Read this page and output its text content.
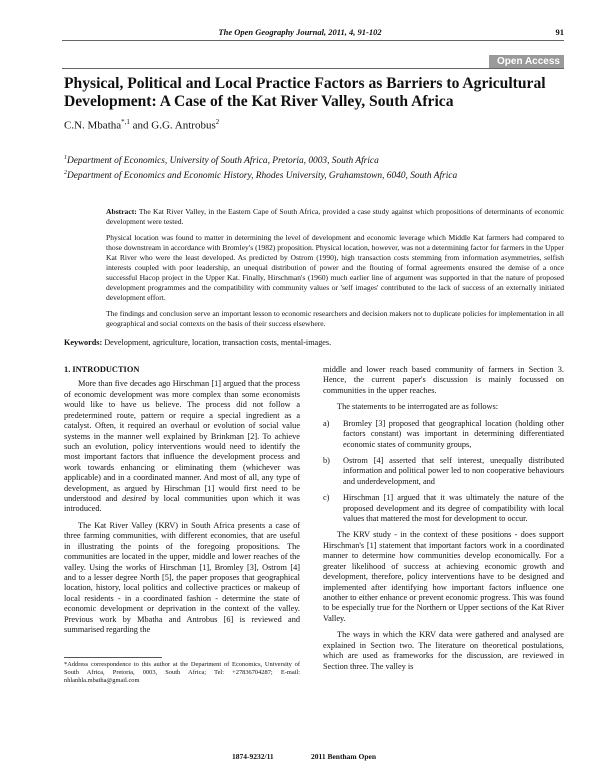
The Open Geography Journal, 2011, 4, 91-102	91
Open Access
Physical, Political and Local Practice Factors as Barriers to Agricultural Development: A Case of the Kat River Valley, South Africa
C.N. Mbatha$^{*,1}$ and G.G. Antrobus$^2$
$^1$Department of Economics, University of South Africa, Pretoria, 0003, South Africa
$^2$Department of Economics and Economic History, Rhodes University, Grahamstown, 6040, South Africa

Abstract: The Kat River Valley, in the Eastern Cape of South Africa, provided a case study against which propositions of determinants of economic development were tested.

Physical location was found to matter in determining the level of development and economic leverage which Middle Kat farmers had compared to those downstream in accordance with Bromley's (1982) proposition. Physical location, however, was not a determining factor for farmers in the Upper Kat River who were the least developed. As predicted by Ostrom (1990), high transaction costs stemming from information asymmetries, selfish interests coupled with poor leadership, an unequal distribution of power and the flouting of formal agreements ensured the demise of a once successful Hacop project in the Upper Kat. Finally, Hirschman's (1960) much earlier line of argument was supported in that the nature of proposed development programmes and the compatibility with community values or 'self images' contributed to the lack of success of an externally initiated development effort.

The findings and conclusion serve an important lesson to economic researchers and decision makers not to duplicate policies for implementation in all geographical and social contexts on the basis of their success elsewhere.

Keywords: Development, agriculture, location, transaction costs, mental-images.
1. INTRODUCTION

More than five decades ago Hirschman [1] argued that the process of economic development was more complex than some economists would like to have us believe. The process did not follow a predetermined route, pattern or require a special ingredient as a catalyst. Often, it required an overhaul or evolution of social value systems in the manner well explained by Brinkman [2]. To achieve such an evolution, policy interventions would need to identify the most important factors that influence the development process and work towards enhancing or eliminating them (whichever was applicable) and in a coordinated manner. And most of all, any type of development, as argued by Hirschman [1] would first need to be understood and desired by local communities upon which it was introduced.

The Kat River Valley (KRV) in South Africa presents a case of three farming communities, with different economies, that are useful in illustrating the points of the foregoing propositions. The communities are located in the upper, middle and lower reaches of the valley. Using the works of Hirschman [1], Bromley [3], Ostrom [4] and to a lesser degree North [5], the paper proposes that geographical location, history, local politics and collective practices or makeup of local residents - in a coordinated fashion - determine the state of economic development or deprivation in the context of the valley. Previous work by Mbatha and Antrobus [6] is reviewed and summarised regarding the

*Address correspondence to this author at the Department of Economics, University of South Africa, Pretoria, 0003, South Africa; Tel: +27836704287; E-mail: nhlanhla.mbatha@gmail.com

middle and lower reach based community of farmers in Section 3. Hence, the current paper's discussion is mainly focussed on communities in the upper reaches.

The statements to be interrogated are as follows:

a)	Bromley [3] proposed that geographical location (holding other factors constant) was important in determining differentiated economic states of community groups,
b)	Ostrom [4] asserted that self interest, unequally distributed information and political power led to non cooperative behaviours and underdevelopment, and
c)	Hirschman [1] argued that it was ultimately the nature of the proposed development and its degree of compatibility with local values that mattered the most for development to occur.

The KRV study - in the context of these positions - does support Hirschman's [1] statement that important factors work in a coordinated manner to determine how communities develop economically. For a greater likelihood of success at achieving economic growth and development, therefore, policy interventions have to be designed and implemented after identifying how important factors influence one another to either enhance or prevent economic progress. This was found to be especially true for the Northern or Upper sections of the Kat River Valley.

The ways in which the KRV data were gathered and analysed are explained in Section two. The literature on theoretical postulations, which are used as frameworks for the discussion, are reviewed in Section three. The valley is

1874-9232/11	2011 Bentham Open
